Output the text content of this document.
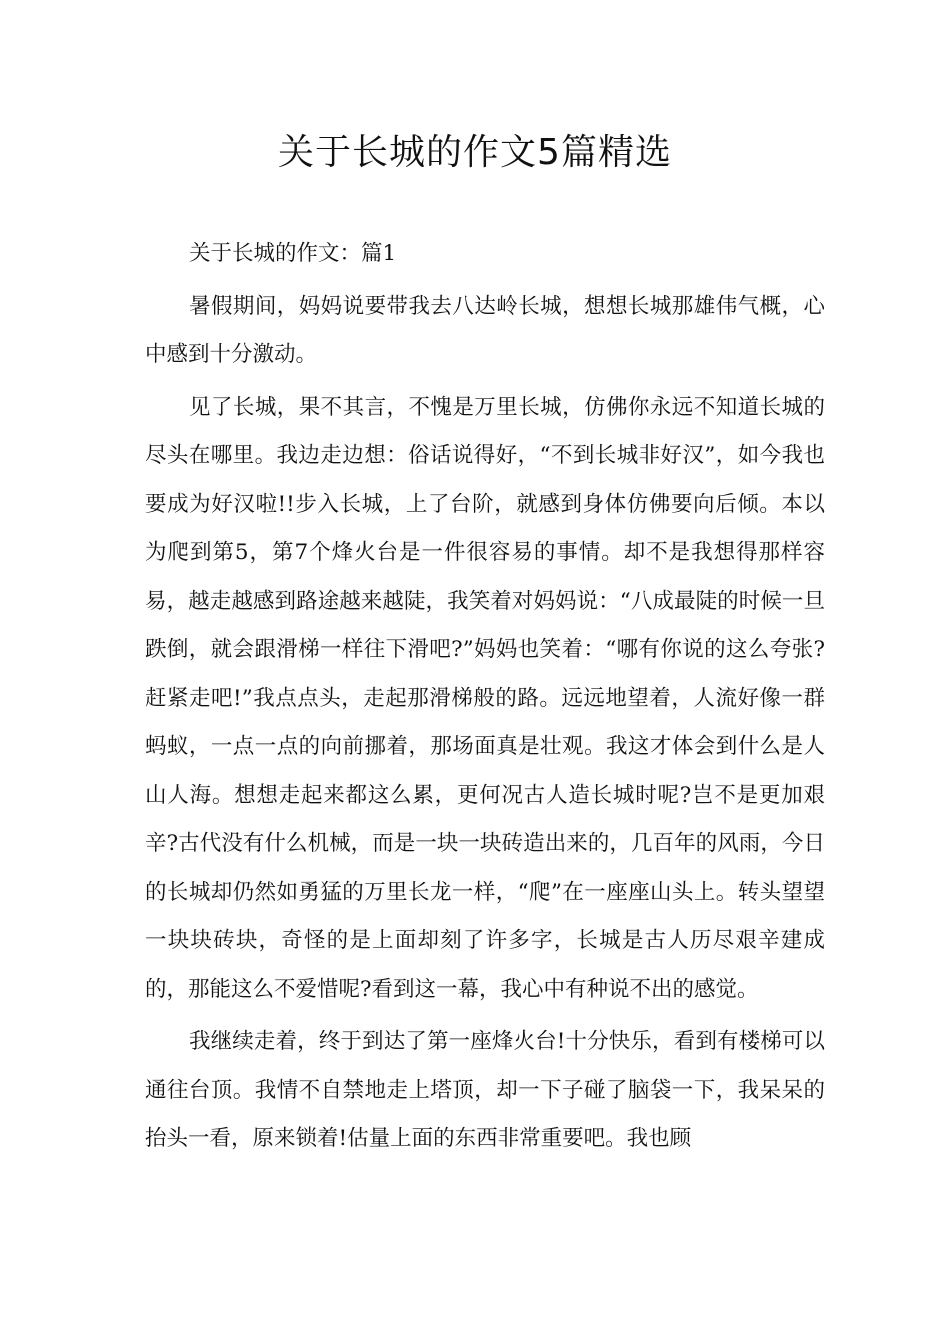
关于长城的作文5篇精选

关于长城的作文：篇1

暑假期间，妈妈说要带我去八达岭长城，想想长城那雄伟气概，心中感到十分激动。

见了长城，果不其言，不愧是万里长城，仿佛你永远不知道长城的尽头在哪里。我边走边想：俗话说得好，“不到长城非好汉”，如今我也要成为好汉啦!!步入长城，上了台阶，就感到身体仿佛要向后倾。本以为爬到第5，第7个烽火台是一件很容易的事情。却不是我想得那样容易，越走越感到路途越来越陡，我笑着对妈妈说：“八成最陡的时候一旦跌倒，就会跟滑梯一样往下滑吧?”妈妈也笑着：“哪有你说的这么夸张?赶紧走吧!”我点点头，走起那滑梯般的路。远远地望着，人流好像一群蚂蚁，一点一点的向前挪着，那场面真是壮观。我这才体会到什么是人山人海。想想走起来都这么累，更何况古人造长城时呢?岂不是更加艰辛?古代没有什么机械，而是一块一块砖造出来的，几百年的风雨，今日的长城却仍然如勇猛的万里长龙一样，“爬”在一座座山头上。转头望望一块块砖块，奇怪的是上面却刻了许多字，长城是古人历尽艰辛建成的，那能这么不爱惜呢?看到这一幕，我心中有种说不出的感觉。

我继续走着，终于到达了第一座烽火台!十分快乐，看到有楼梯可以通往台顶。我情不自禁地走上塔顶，却一下子碰了脑袋一下，我呆呆的抬头一看，原来锁着!估量上面的东西非常重要吧。我也顾
